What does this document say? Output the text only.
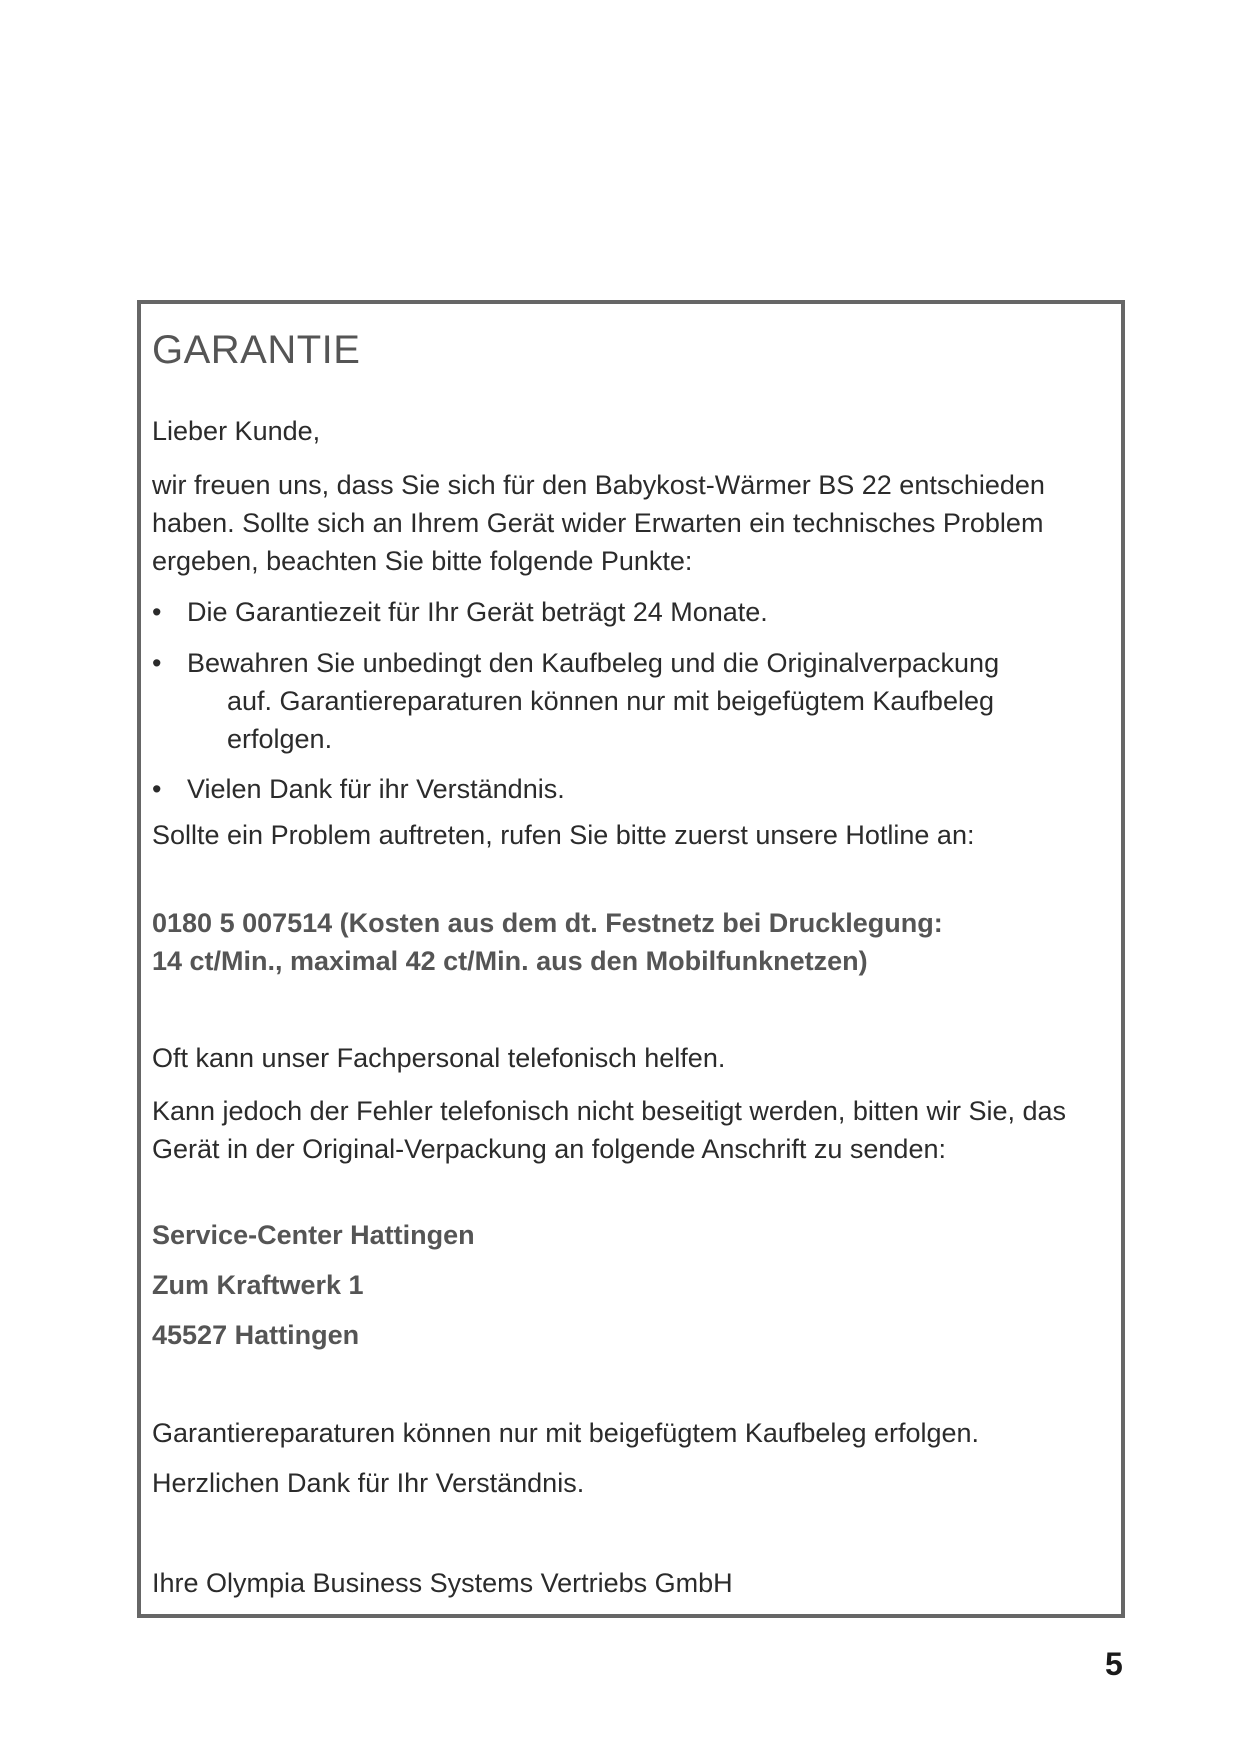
GARANTIE
Lieber Kunde,
wir freuen uns, dass Sie sich für den Babykost-Wärmer BS 22 entschieden haben. Sollte sich an Ihrem Gerät wider Erwarten ein technisches Problem ergeben, beachten Sie bitte folgende Punkte:
• Die Garantiezeit für Ihr Gerät beträgt 24 Monate.
• Bewahren Sie unbedingt den Kaufbeleg und die Originalverpackung
auf. Garantiereparaturen können nur mit beigefügtem Kaufbeleg erfolgen.
• Vielen Dank für ihr Verständnis.
Sollte ein Problem auftreten, rufen Sie bitte zuerst unsere Hotline an:
0180 5 007514 (Kosten aus dem dt. Festnetz bei Drucklegung:
14 ct/Min., maximal 42 ct/Min. aus den Mobilfunknetzen)
Oft kann unser Fachpersonal telefonisch helfen.
Kann jedoch der Fehler telefonisch nicht beseitigt werden, bitten wir Sie, das Gerät in der Original-Verpackung an folgende Anschrift zu senden:
Service-Center Hattingen
Zum Kraftwerk 1
45527 Hattingen
Garantiereparaturen können nur mit beigefügtem Kaufbeleg erfolgen.
Herzlichen Dank für Ihr Verständnis.
Ihre Olympia Business Systems Vertriebs GmbH
5
